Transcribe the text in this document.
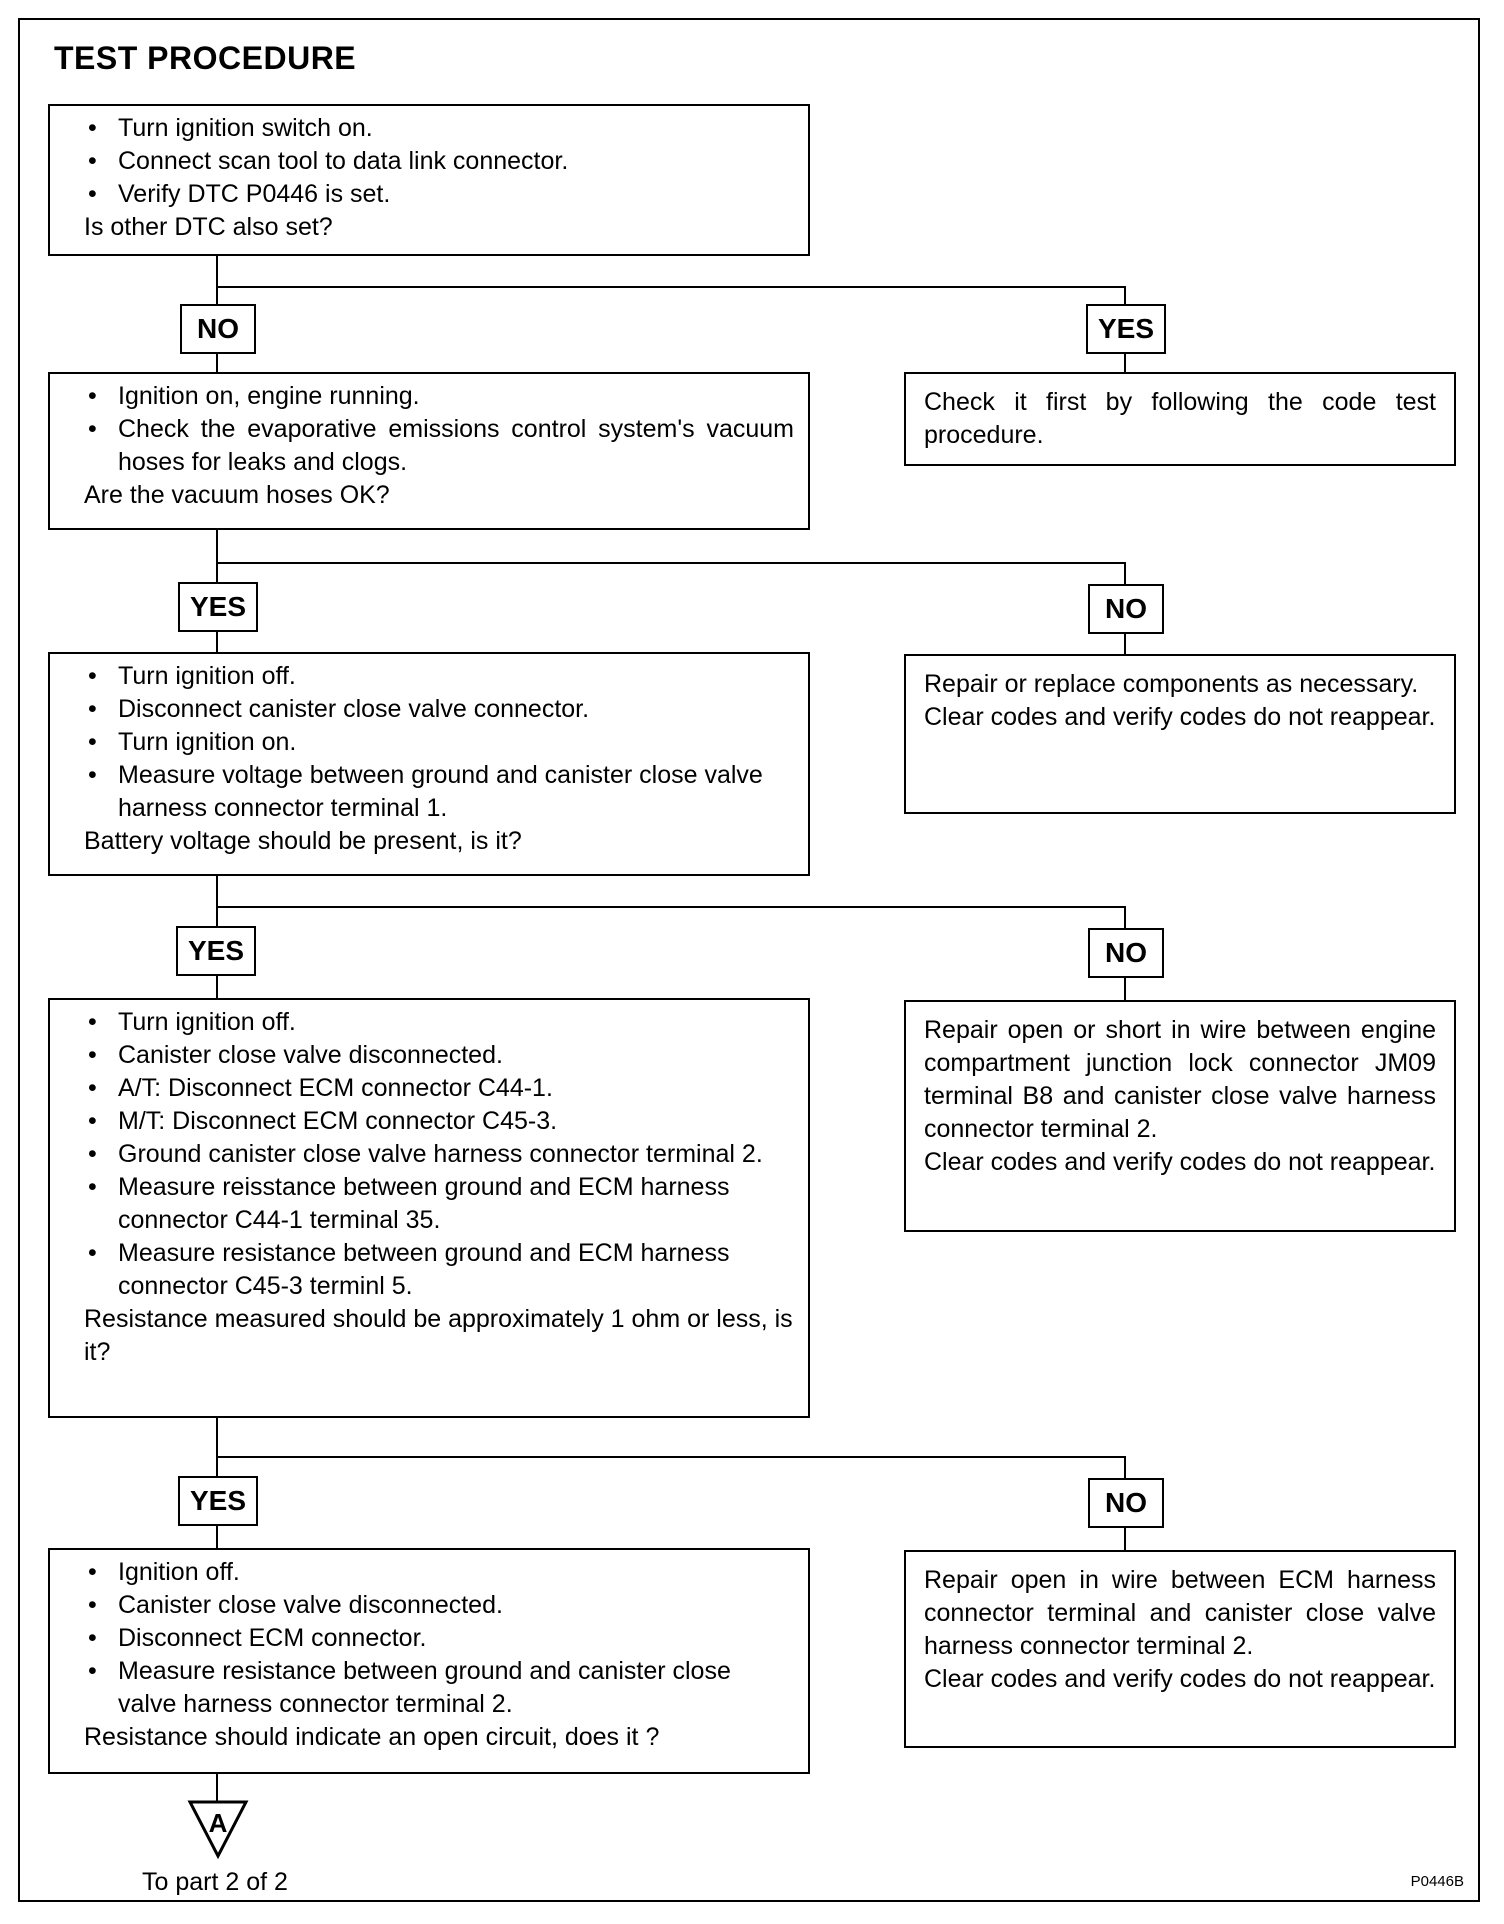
TEST PROCEDURE
• Turn ignition switch on.
• Connect scan tool to data link connector.
• Verify DTC P0446 is set.
Is other DTC also set?
NO	YES

Check it first by following the code test procedure.

• Ignition on, engine running.
• Check the evaporative emissions control system's vacuum hoses for leaks and clogs.
Are the vacuum hoses OK?
YES	NO

Repair or replace components as necessary.

Clear codes and verify codes do not reappear.

• Turn ignition off.
• Disconnect canister close valve connector.
• Turn ignition on.
• Measure voltage between ground and canister close valve harness connector terminal 1.
Battery voltage should be present, is it?
YES	NO

Repair open or short in wire between engine compartment junction lock connector JM09 terminal B8 and canister close valve harness connector terminal 2.

Clear codes and verify codes do not reappear.

• Turn ignition off.
• Canister close valve disconnected.
• A/T: Disconnect ECM connector C44-1.
• M/T: Disconnect ECM connector C45-3.
• Ground canister close valve harness connector terminal 2.
• Measure reisstance between ground and ECM harness connector C44-1 terminal 35.
• Measure resistance between ground and ECM harness connector C45-3 terminl 5.
Resistance measured should be approximately 1 ohm or less, is it?
YES	NO

Repair open in wire between ECM harness connector terminal and canister close valve harness connector terminal 2.

Clear codes and verify codes do not reappear.

• Ignition off.
• Canister close valve disconnected.
• Disconnect ECM connector.
• Measure resistance between ground and canister close valve harness connector terminal 2.
Resistance should indicate an open circuit, does it ?
A
To part 2 of 2	P0446B
